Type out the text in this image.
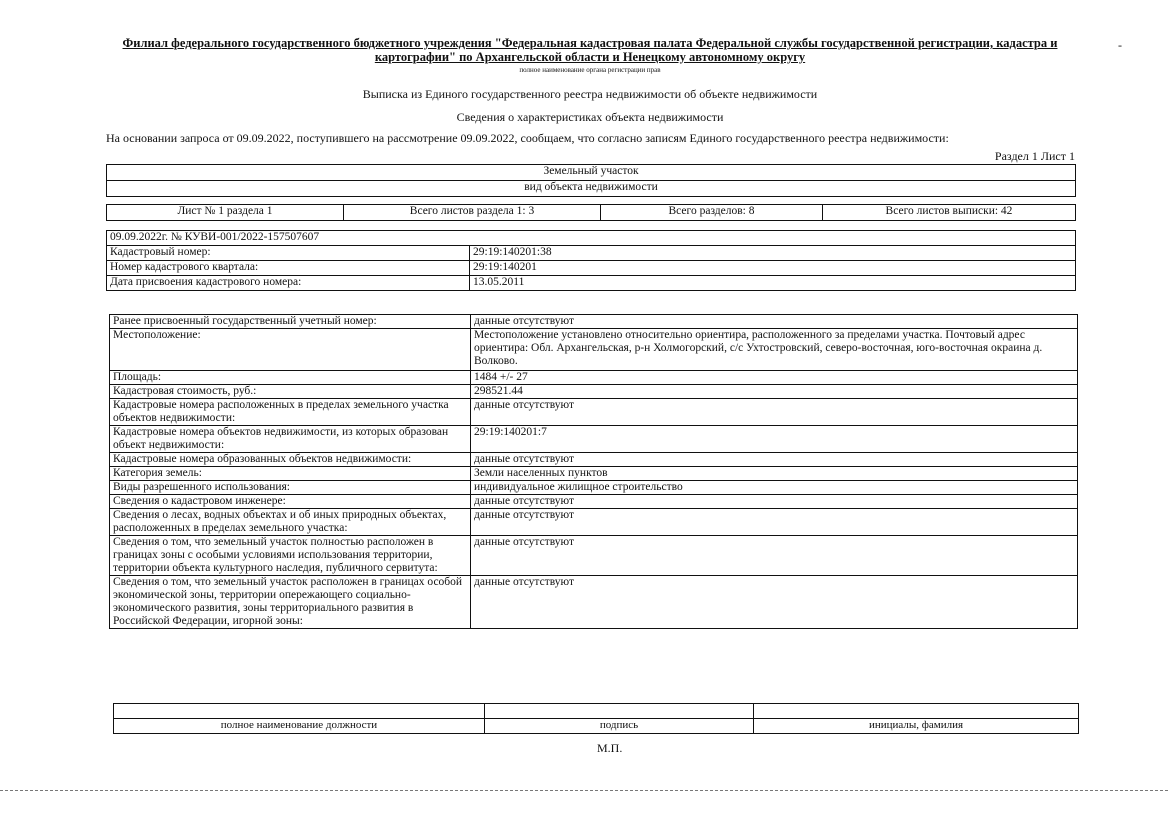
Филиал федерального государственного бюджетного учреждения "Федеральная кадастровая палата Федеральной службы государственной регистрации, кадастра и картографии" по Архангельской области и Ненецкому автономному округу
полное наименование органа регистрации прав
-
Выписка из Единого государственного реестра недвижимости об объекте недвижимости
Сведения о характеристиках объекта недвижимости
На основании запроса от 09.09.2022, поступившего на рассмотрение 09.09.2022, сообщаем, что согласно записям Единого государственного реестра недвижимости:
Раздел 1 Лист 1
Земельный участок
вид объекта недвижимости
Лист № 1 раздела 1	Всего листов раздела 1: 3	Всего разделов: 8	Всего листов выписки: 42
09.09.2022г. № КУВИ-001/2022-157507607	
Кадастровый номер:	29:19:140201:38
Номер кадастрового квартала:	29:19:140201
Дата присвоения кадастрового номера:	13.05.2011
Ранее присвоенный государственный учетный номер:	данные отсутствуют
Местоположение:	Местоположение установлено относительно ориентира, расположенного за пределами участка. Почтовый адрес ориентира: Обл. Архангельская, р-н Холмогорский, с/с Ухтостровский, северо-восточная, юго-восточная окраина д. Волково.
Площадь:	1484 +/- 27
Кадастровая стоимость, руб.:	298521.44
Кадастровые номера расположенных в пределах земельного участка объектов недвижимости:	данные отсутствуют
Кадастровые номера объектов недвижимости, из которых образован объект недвижимости:	29:19:140201:7
Кадастровые номера образованных объектов недвижимости:	данные отсутствуют
Категория земель:	Земли населенных пунктов
Виды разрешенного использования:	индивидуальное жилищное строительство
Сведения о кадастровом инженере:	данные отсутствуют
Сведения о лесах, водных объектах и об иных природных объектах, расположенных в пределах земельного участка:	данные отсутствуют
Сведения о том, что земельный участок полностью расположен в границах зоны с особыми условиями использования территории, территории объекта культурного наследия, публичного сервитута:	данные отсутствуют
Сведения о том, что земельный участок расположен в границах особой экономической зоны, территории опережающего социально-экономического развития, зоны территориального развития в Российской Федерации, игорной зоны:	данные отсутствуют

полное наименование должности	подпись	инициалы, фамилия
М.П.
